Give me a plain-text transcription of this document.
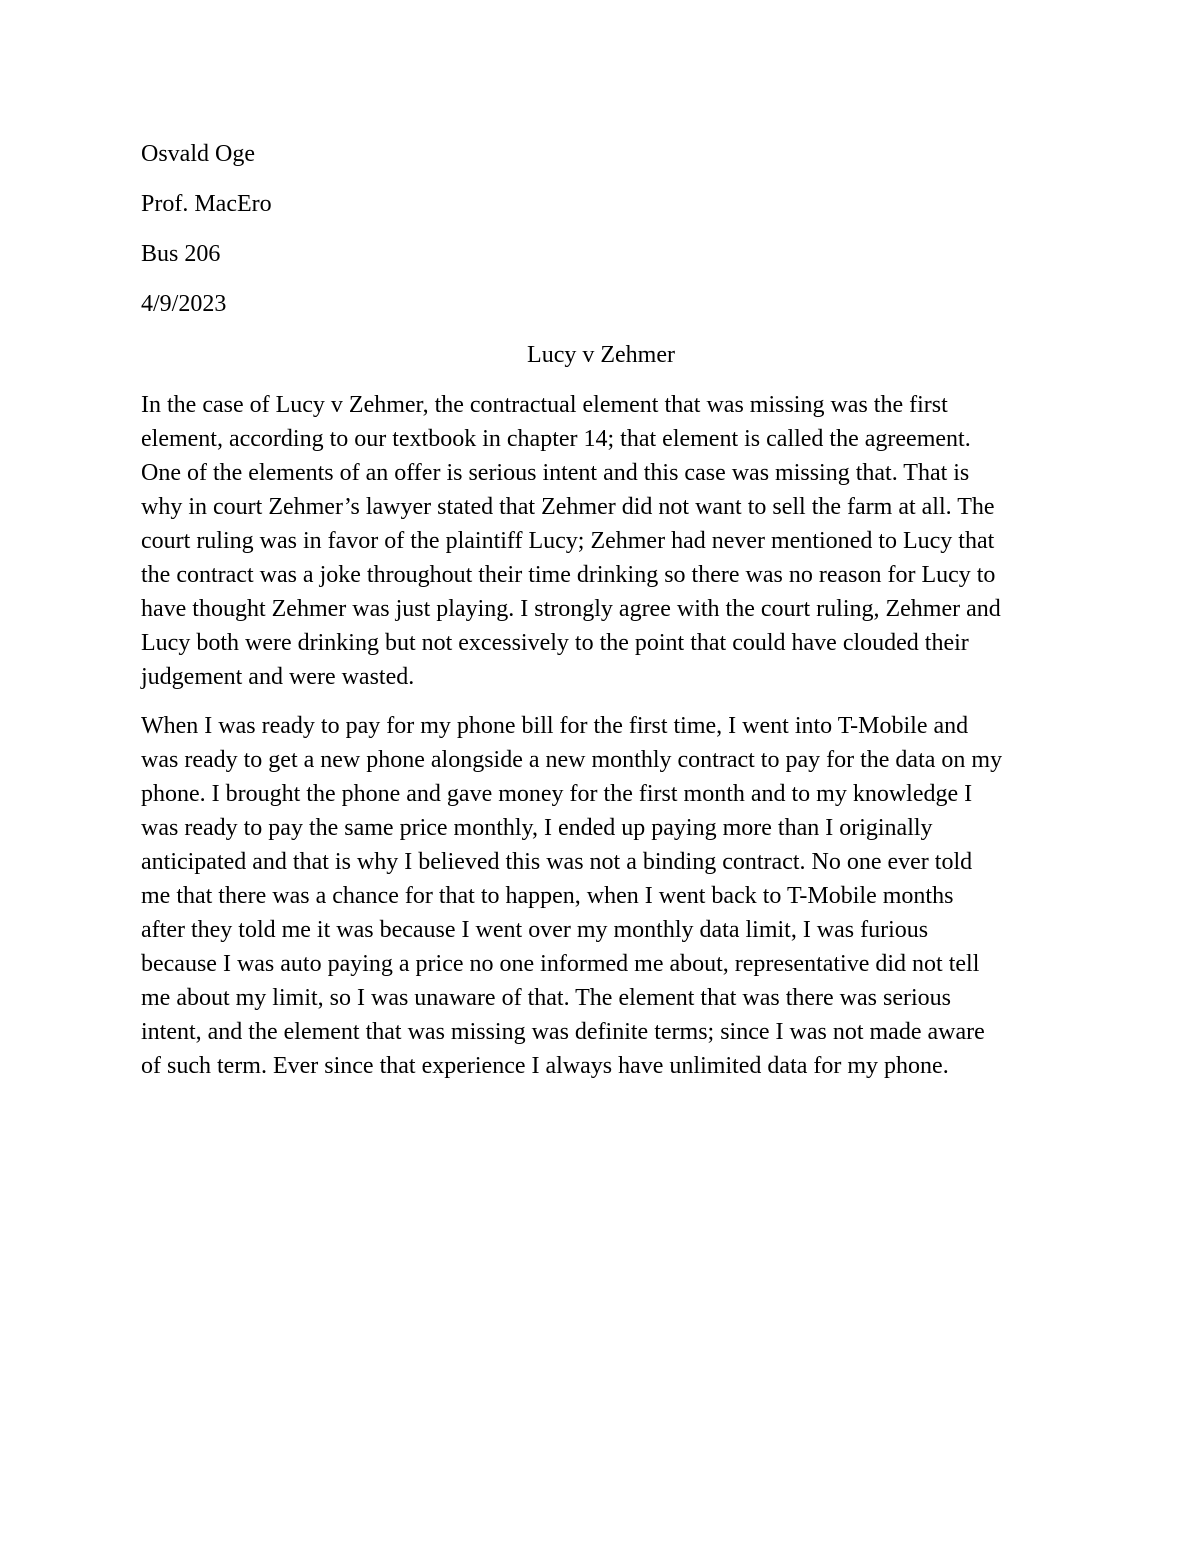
Osvald Oge
Prof. MacEro
Bus 206
4/9/2023
Lucy v Zehmer

In the case of Lucy v Zehmer, the contractual element that was missing was the first
element, according to our textbook in chapter 14; that element is called the agreement.
One of the elements of an offer is serious intent and this case was missing that. That is
why in court Zehmer’s lawyer stated that Zehmer did not want to sell the farm at all. The
court ruling was in favor of the plaintiff Lucy; Zehmer had never mentioned to Lucy that
the contract was a joke throughout their time drinking so there was no reason for Lucy to
have thought Zehmer was just playing. I strongly agree with the court ruling, Zehmer and
Lucy both were drinking but not excessively to the point that could have clouded their
judgement and were wasted.

When I was ready to pay for my phone bill for the first time, I went into T-Mobile and
was ready to get a new phone alongside a new monthly contract to pay for the data on my
phone. I brought the phone and gave money for the first month and to my knowledge I
was ready to pay the same price monthly, I ended up paying more than I originally
anticipated and that is why I believed this was not a binding contract. No one ever told
me that there was a chance for that to happen, when I went back to T-Mobile months
after they told me it was because I went over my monthly data limit, I was furious
because I was auto paying a price no one informed me about, representative did not tell
me about my limit, so I was unaware of that. The element that was there was serious
intent, and the element that was missing was definite terms; since I was not made aware
of such term. Ever since that experience I always have unlimited data for my phone.
